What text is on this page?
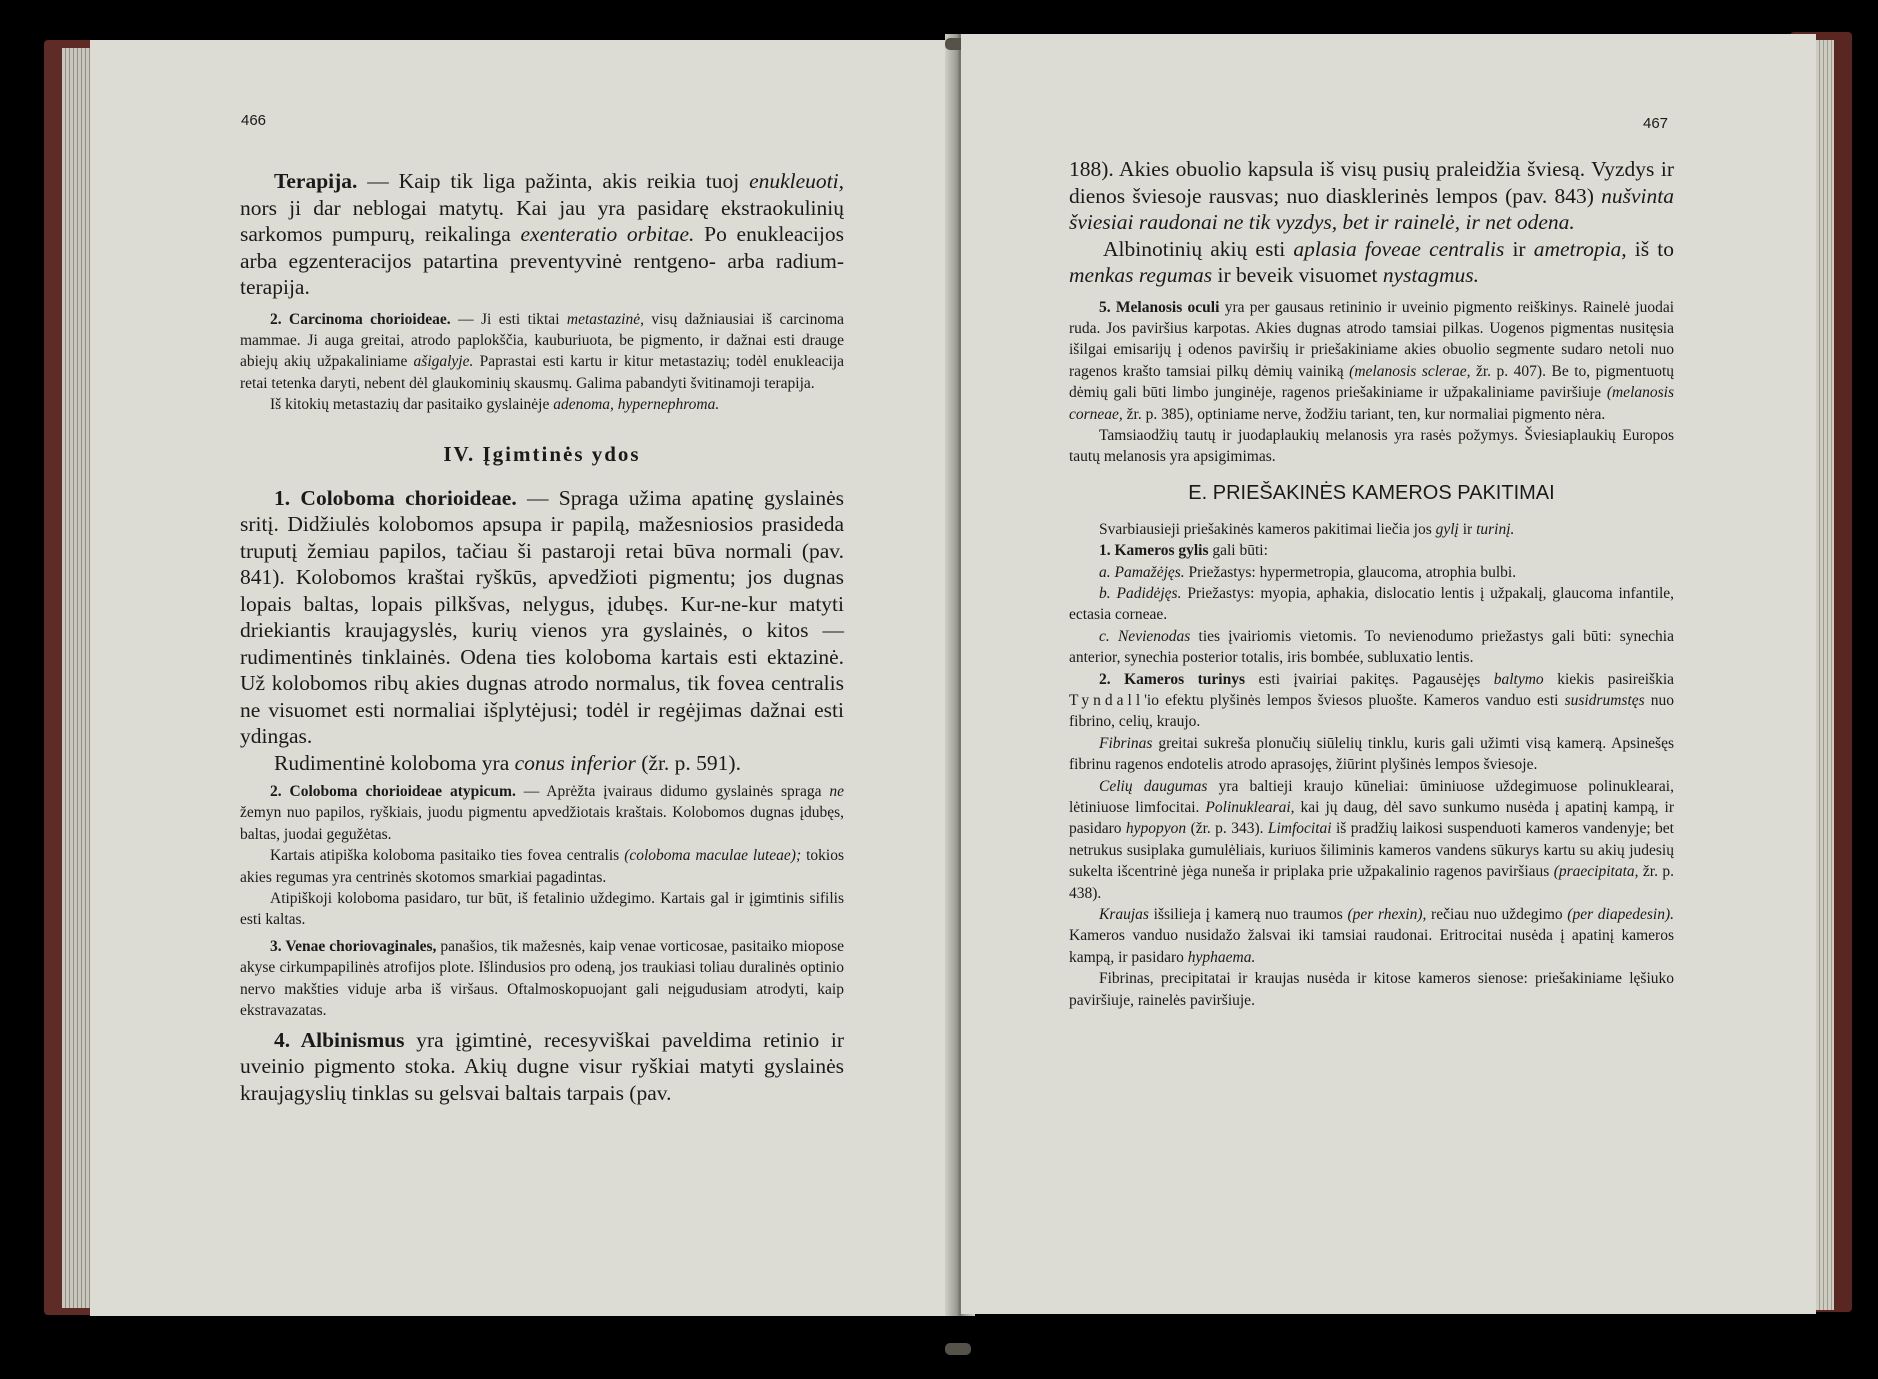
466

Terapija. — Kaip tik liga pažinta, akis reikia tuoj enukleuoti, nors ji dar neblogai matytų. Kai jau yra pasidarę ekstraokulinių sarkomos pumpurų, reikalinga exenteratio orbitae. Po enukleacijos arba egzenteracijos patartina preventyvinė rentgeno- arba radium-terapija.

2. Carcinoma chorioideae. — Ji esti tiktai metastazinė, visų dažniausiai iš carcinoma mammae. Ji auga greitai, atrodo paplokščia, kauburiuota, be pigmento, ir dažnai esti drauge abiejų akių užpakaliniame ašigalyje. Paprastai esti kartu ir kitur metastazių; todėl enukleacija retai tetenka daryti, nebent dėl glaukominių skausmų. Galima pabandyti švitinamoji terapija.

Iš kitokių metastazių dar pasitaiko gyslainėje adenoma, hypernephroma.

IV. Įgimtinės ydos

1. Coloboma chorioideae. — Spraga užima apatinę gyslainės sritį. Didžiulės kolobomos apsupa ir papilą, mažesniosios prasideda truputį žemiau papilos, tačiau ši pastaroji retai būva normali (pav. 841). Kolobomos kraštai ryškūs, apvedžioti pigmentu; jos dugnas lopais baltas, lopais pilkšvas, nelygus, įdubęs. Kur-ne-kur matyti driekiantis kraujagyslės, kurių vienos yra gyslainės, o kitos — rudimentinės tinklainės. Odena ties koloboma kartais esti ektazinė. Už kolobomos ribų akies dugnas atrodo normalus, tik fovea centralis ne visuomet esti normaliai išplytėjusi; todėl ir regėjimas dažnai esti ydingas.

Rudimentinė koloboma yra conus inferior (žr. p. 591).

2. Coloboma chorioideae atypicum. — Aprėžta įvairaus didumo gyslainės spraga ne žemyn nuo papilos, ryškiais, juodu pigmentu apvedžiotais kraštais. Kolobomos dugnas įdubęs, baltas, juodai gegužėtas.

Kartais atipiška koloboma pasitaiko ties fovea centralis (coloboma maculae luteae); tokios akies regumas yra centrinės skotomos smarkiai pagadintas.

Atipiškoji koloboma pasidaro, tur būt, iš fetalinio uždegimo. Kartais gal ir įgimtinis sifilis esti kaltas.

3. Venae choriovaginales, panašios, tik mažesnės, kaip venae vorticosae, pasitaiko miopose akyse cirkumpapilinės atrofijos plote. Išlindusios pro odeną, jos traukiasi toliau duralinės optinio nervo makšties viduje arba iš viršaus. Oftalmoskopuojant gali neįgudusiam atrodyti, kaip ekstravazatas.

4. Albinismus yra įgimtinė, recesyviškai paveldima retinio ir uveinio pigmento stoka. Akių dugne visur ryškiai matyti gyslainės kraujagyslių tinklas su gelsvai baltais tarpais (pav.

467

188). Akies obuolio kapsula iš visų pusių praleidžia šviesą. Vyzdys ir dienos šviesoje rausvas; nuo diasklerinės lempos (pav. 843) nušvinta šviesiai raudonai ne tik vyzdys, bet ir rainelė, ir net odena.

Albinotinių akių esti aplasia foveae centralis ir ametropia, iš to menkas regumas ir beveik visuomet nystagmus.

5. Melanosis oculi yra per gausaus retininio ir uveinio pigmento reiškinys. Rainelė juodai ruda. Jos paviršius karpotas. Akies dugnas atrodo tamsiai pilkas. Uogenos pigmentas nusitęsia išilgai emisarijų į odenos paviršių ir priešakiniame akies obuolio segmente sudaro netoli nuo ragenos krašto tamsiai pilkų dėmių vainiką (melanosis sclerae, žr. p. 407). Be to, pigmentuotų dėmių gali būti limbo junginėje, ragenos priešakiniame ir užpakaliniame paviršiuje (melanosis corneae, žr. p. 385), optiniame nerve, žodžiu tariant, ten, kur normaliai pigmento nėra.

Tamsiaodžių tautų ir juodaplaukių melanosis yra rasės požymys. Šviesiaplaukių Europos tautų melanosis yra apsigimimas.

E. PRIEŠAKINĖS KAMEROS PAKITIMAI

Svarbiausieji priešakinės kameros pakitimai liečia jos gylį ir turinį.

1. Kameros gylis gali būti:

a. Pamažėjęs. Priežastys: hypermetropia, glaucoma, atrophia bulbi.

b. Padidėjęs. Priežastys: myopia, aphakia, dislocatio lentis į užpakalį, glaucoma infantile, ectasia corneae.

c. Nevienodas ties įvairiomis vietomis. To nevienodumo priežastys gali būti: synechia anterior, synechia posterior totalis, iris bombée, subluxatio lentis.

2. Kameros turinys esti įvairiai pakitęs. Pagausėjęs baltymo kiekis pasireiškia Tyndall'io efektu plyšinės lempos šviesos pluošte. Kameros vanduo esti susidrumstęs nuo fibrino, celių, kraujo.

Fibrinas greitai sukreša plonučių siūlelių tinklu, kuris gali užimti visą kamerą. Apsinešęs fibrinu ragenos endotelis atrodo aprasojęs, žiūrint plyšinės lempos šviesoje.

Celių daugumas yra baltieji kraujo kūneliai: ūminiuose uždegimuose polinuklearai, lėtiniuose limfocitai. Polinuklearai, kai jų daug, dėl savo sunkumo nusėda į apatinį kampą, ir pasidaro hypopyon (žr. p. 343). Limfocitai iš pradžių laikosi suspenduoti kameros vandenyje; bet netrukus susiplaka gumulėliais, kuriuos šiliminis kameros vandens sūkurys kartu su akių judesių sukelta išcentrinė jėga nuneša ir priplaka prie užpakalinio ragenos paviršiaus (praecipitata, žr. p. 438).

Kraujas išsilieja į kamerą nuo traumos (per rhexin), rečiau nuo uždegimo (per diapedesin). Kameros vanduo nusidažo žalsvai iki tamsiai raudonai. Eritrocitai nusėda į apatinį kameros kampą, ir pasidaro hyphaema.

Fibrinas, precipitatai ir kraujas nusėda ir kitose kameros sienose: priešakiniame lęšiuko paviršiuje, rainelės paviršiuje.
